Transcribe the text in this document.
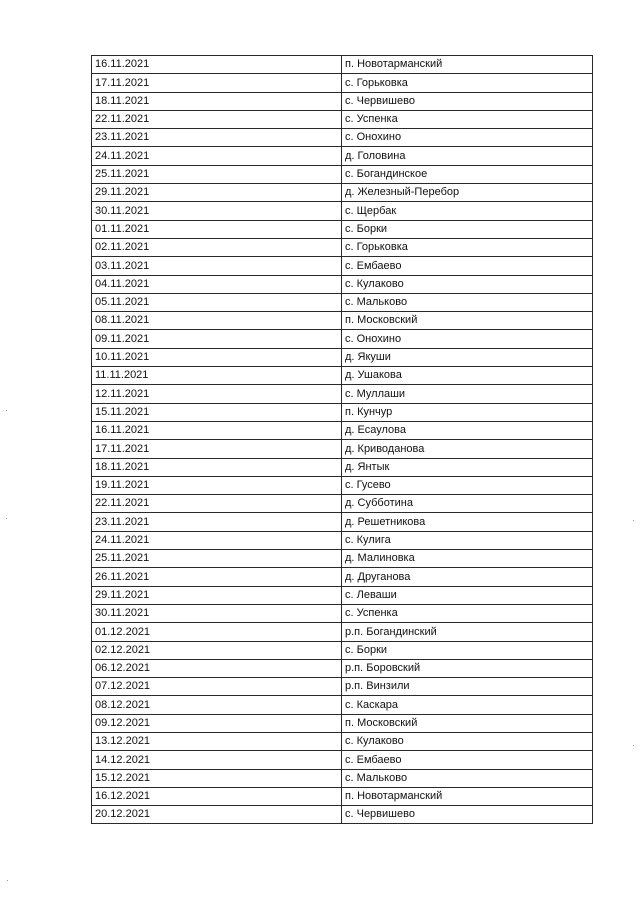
16.11.2021	п. Новотарманский
17.11.2021	с. Горьковка
18.11.2021	с. Червишево
22.11.2021	с. Успенка
23.11.2021	с. Онохино
24.11.2021	д. Головина
25.11.2021	с. Богандинское
29.11.2021	д. Железный-Перебор
30.11.2021	с. Щербак
01.11.2021	с. Борки
02.11.2021	с. Горьковка
03.11.2021	с. Ембаево
04.11.2021	с. Кулаково
05.11.2021	с. Мальково
08.11.2021	п. Московский
09.11.2021	с. Онохино
10.11.2021	д. Якуши
11.11.2021	д. Ушакова
12.11.2021	с. Муллаши
15.11.2021	п. Кунчур
16.11.2021	д. Есаулова
17.11.2021	д. Криводанова
18.11.2021	д. Янтык
19.11.2021	с. Гусево
22.11.2021	д. Субботина
23.11.2021	д. Решетникова
24.11.2021	с. Кулига
25.11.2021	д. Малиновка
26.11.2021	д. Друганова
29.11.2021	с. Леваши
30.11.2021	с. Успенка
01.12.2021	р.п. Богандинский
02.12.2021	с. Борки
06.12.2021	р.п. Боровский
07.12.2021	р.п. Винзили
08.12.2021	с. Каскара
09.12.2021	п. Московский
13.12.2021	с. Кулаково
14.12.2021	с. Ембаево
15.12.2021	с. Мальково
16.12.2021	п. Новотарманский
20.12.2021	с. Червишево
